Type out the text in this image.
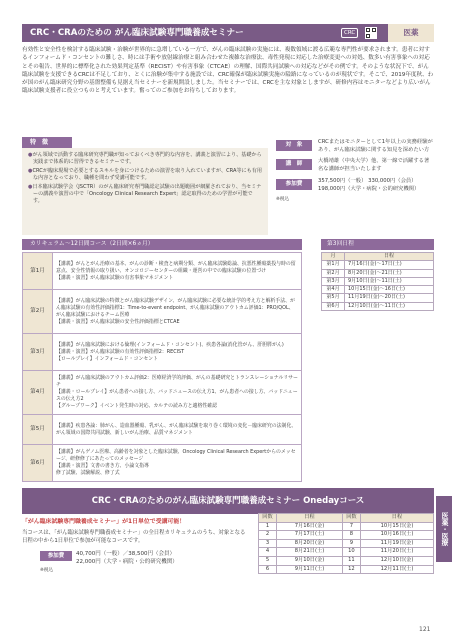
CRC・CRAのための がん臨床試験専門職養成セミナー	CRC	医薬
有効性と安全性を検討する臨床試験・治験が世界的に急増している一方で、がんの臨床試験の実施には、複数領域に渡る広範な専門性が要求されます。患者に対するインフォームド・コンセントの難しさ、時には手術や放射線治療と組み合わせた複雑な治療法、毒性発現に対応した治療変更への対処、数多い有害事象への対応とその報告、世界的に標準化された効果判定基準（RECIST）や有害事象（CTCAE）の理解、国際共同試験への対応などがその例です。そのような状況下で、がん臨床試験を支援できるCRCは不足しており、とくに治験が集中する施設では、CRC確保が臨床試験実施の隘路になっているのが現状です。そこで、2019年度秋、わが国のがん臨床研究分野の基盤整備も見据え当セミナーを新規開設しました。当セミナーでは、CRCを主な対象としますが、研修内容はモニターなどより広いがん臨床試験支援者に役立つものと考えています。奮ってのご参加をお待ちしております。
特　徴
●がん領域で活動する臨床研究専門職が知っておくべき専門的な内容を、講義と演習により、基礎から実践まで体系的に習得できるセミナーです。
●CRCが臨床現場で必要とするスキルを身につけるための演習を取り入れていますが、CRA等にも有用な内容となっており、職種を問わず受講可能です。
●日本臨床試験学会（JSCTR）のがん臨床研究専門職認定試験の出題範囲が網羅されており、当セミナーの講義や演習の中で「Oncology Clinical Research Expert」認定取得のための学習が可能です。
対　象	CRCまたはモニターとして1年以上の実務経験があり、がん臨床試験に関する知見を深めたい方
講　師	大橋靖雄（中央大学）他、第一線で活躍する著名な講師が担当いたします
参加費	357,500円（一般） 330,000円（会員）
198,000円（大学・病院・公的研究機関）
※税込
カリキュラム～12日間コース（2日間×6ヵ月）
第1月	【講義】がんとがん治療の基本、がんの診断・検査と病期分類、がん臨床試験総論、抗悪性腫瘍薬投与時の留意点、安全性情報の取り扱い、オンコロジーセンターの組織・運営の中での臨床試験の位置づけ
【講義・演習】がん臨床試験の有害事象マネジメント
第2月	【講義】がん臨床試験の特徴とがん臨床試験デザイン、がん臨床試験に必要な統計学的考え方と解析手法、がん臨床試験の有効性評価指標1：Time-to-event endpoint、がん臨床試験のアウトカム評価1：PRO/QOL、がん臨床試験におけるチーム医療
【講義・演習】がん臨床試験の安全性評価指標とCTCAE
第3月	【講義】がん臨床試験における倫理(インフォームド・コンセント)、疾患各論(消化管がん、肝胆膵がん)
【講義・演習】がん臨床試験の有効性評価指標2：RECIST
【ロールプレイ】インフォームド・コンセント
第4月	【講義】がん臨床試験のアウトカム評価2：医療経済学的評価、がんの基礎研究とトランスレーショナルリサーチ
【講義・ロールプレイ】がん患者への接し方、バッドニュースの伝え方1、がん患者への接し方、バッドニュースの伝え方2
【グループワーク】イベント発生時の対応、カルテの読み方と適格性確認
第5月	【講義】疾患各論：肺がん、造血器腫瘍、乳がん、がん臨床試験を取り巻く環境の変化－臨床研究の法制化、がん領域の国際共同試験、新しいがん治療、品質マネジメント
第6月	【講義】がんゲノム医療、高齢者を対象とした臨床試験、Oncology Clinical Research Expertからのメッセージ、研修修了にあたってのメッセージ
【講義・演習】文書の書き方、小論文指導
修了試験、試験解説、修了式
第3回日程
月	日程
第1月	7月16日(金)～17日(土)
第2月	8月20日(金)～21日(土)
第3月	9月10日(金)～11日(土)
第4月	10月15日(金)～16日(土)
第5月	11月19日(金)～20日(土)
第6月	12月10日(金)～11日(土)
CRC・CRAのためのがん臨床試験専門職養成セミナー Onedayコース
医薬・医療
「がん臨床試験専門職養成セミナー」が1日単位で受講可能！
当コースは、「がん臨床試験専門職養成セミナー」の全日程カリキュラムのうち、対象となる日程の中から1日単位で参加が可能なコースです。
参加費	40,700円（一般）／38,500円（会員）
22,000円（大学・病院・公的研究機関）
※税込
回数	日程	回数	日程
1	7月16日(金)	7	10月15日(金)
2	7月17日(土)	8	10月16日(土)
3	8月20日(金)	9	11月19日(金)
4	8月21日(土)	10	11月20日(土)
5	9月10日(金)	11	12月10日(金)
6	9月11日(土)	12	12月11日(土)
121
